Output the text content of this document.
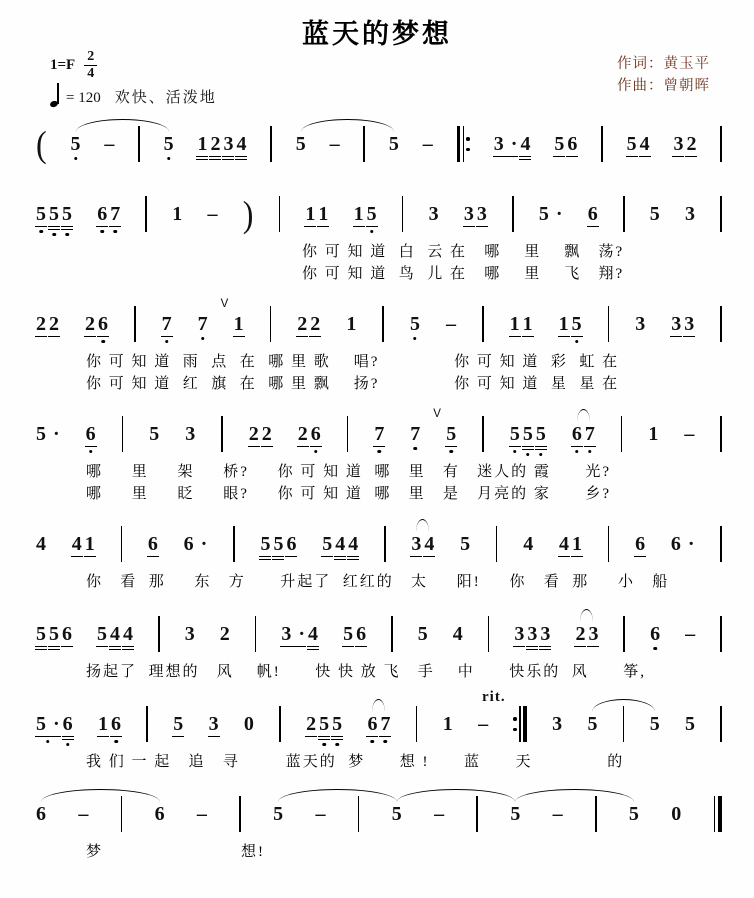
蓝天的梦想
$1=F \frac{2}{4}$
= 120 欢快、活泼地
作词：黄玉平
作曲：曾朝晖
( 5 – 5 1 2 3 4 5 – 5 –	3 · 4 5 6 5 4 3 2
5 5 5 6 7	1 – )	1 1 1 5	3 3 3	5 · 6	5 3
你 可 知 道  白  云 在   哪    里    飘   荡?
你 可 知 道  鸟  儿 在   哪    里    飞   翔?
2 2 2 6	7 7 1
V
2 2 1	5 –	1 1 1 5	3 3 3
你 可 知 道  雨  点  在  哪 里 歌    唱?             你 可 知 道  彩  虹 在
你 可 知 道  红  旗  在  哪 里 飘    扬?             你 可 知 道  星  星 在
5 · 6	5 3	2 2 2 6	7 7 5
V
5 5 5 6 7	1 –
哪     里     架     桥?     你 可 知 道  哪   里   有   迷人的 霞      光?
哪     里     眨     眼?     你 可 知 道  哪   里   是   月亮的 家      乡?
4 4 1	6 6 ·	5 5 6 5 4 4	3 4 5	4 4 1	6 6 ·
你   看  那     东   方      升起了  红红的   太     阳!     你   看  那     小   船
5 5 6 5 4 4	3 2	3 · 4 5 6	5 4	3 3 3 2 3	6 –
扬起了  理想的   风    帆!      快 快 放 飞   手    中      快乐的  风      筝,
5 · 6 1 6	5 3 0	2 5 5 6 7	1 –	3 5	5 5
我 们 一 起   追   寻        蓝天的  梦      想 !      蓝      天             的
rit.
6 –	6 –	5 –	5 –	5 –	5 0
梦                        想!
